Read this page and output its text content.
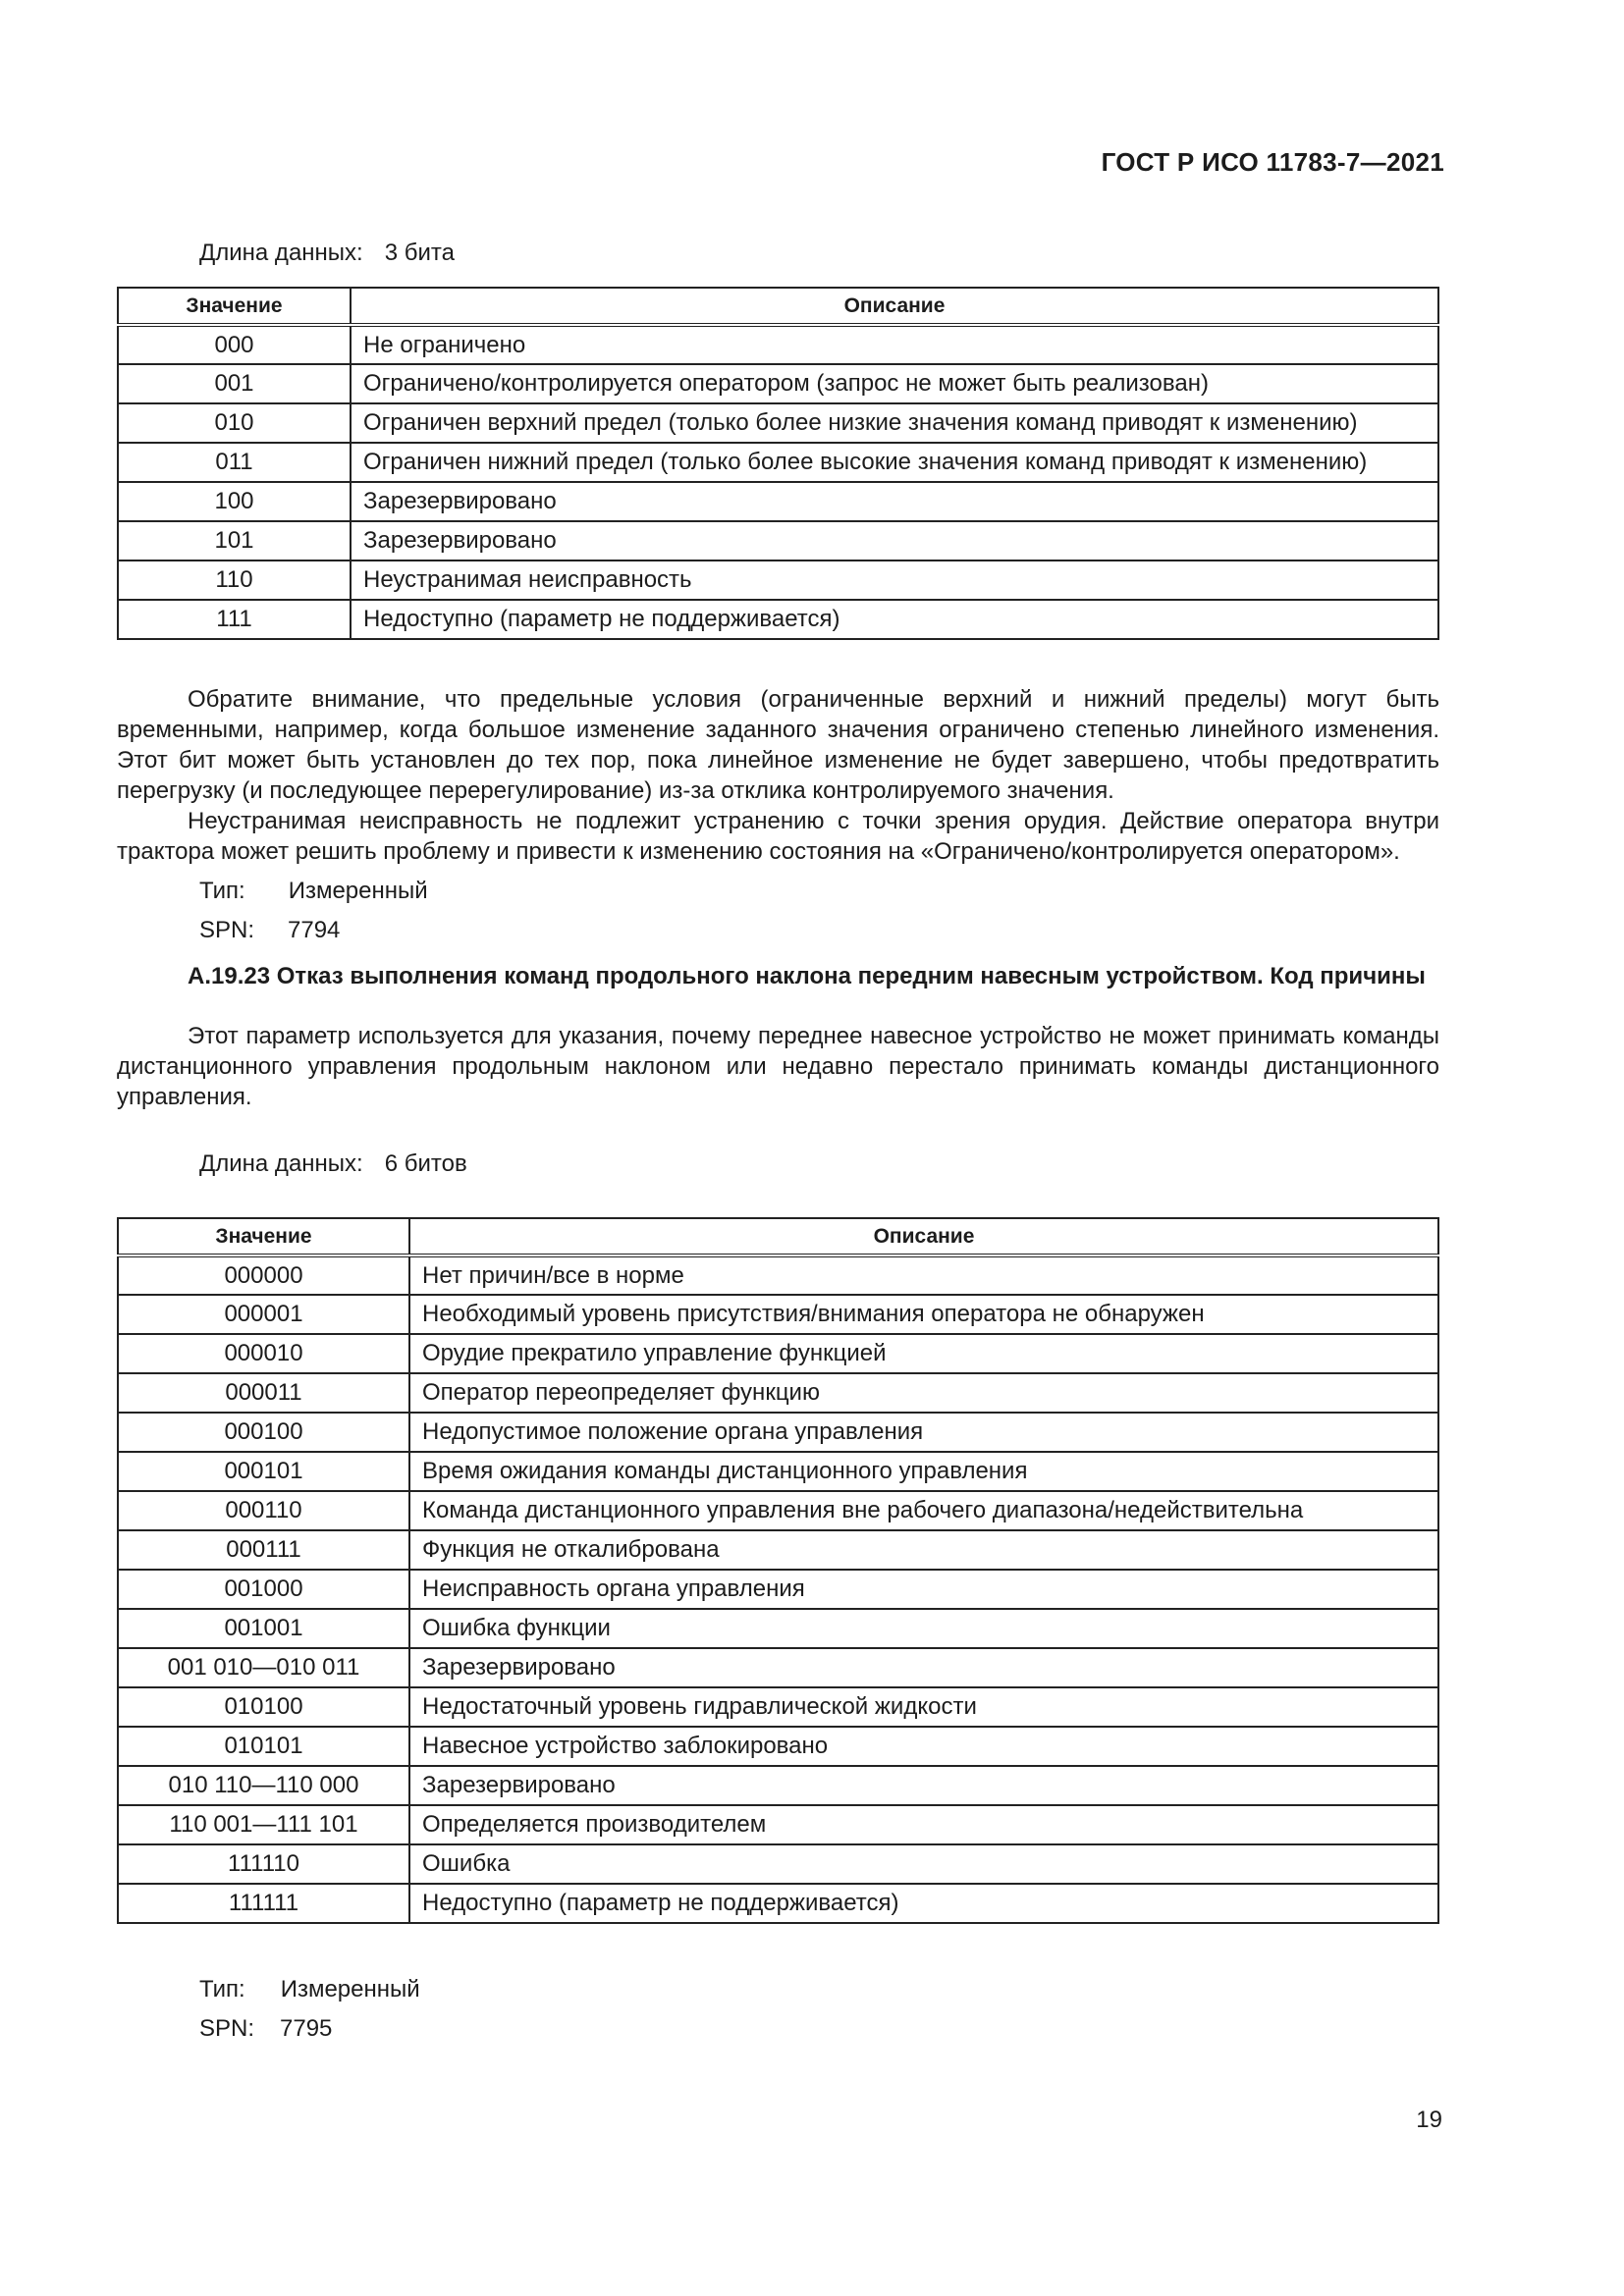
ГОСТ Р ИСО 11783-7—2021
Длина данных: 3 бита
Значение	Описание
000	Не ограничено
001	Ограничено/контролируется оператором (запрос не может быть реализован)
010	Ограничен верхний предел (только более низкие значения команд приводят к изменению)
011	Ограничен нижний предел (только более высокие значения команд приводят к изменению)
100	Зарезервировано
101	Зарезервировано
110	Неустранимая неисправность
111	Недоступно (параметр не поддерживается)

Обратите внимание, что предельные условия (ограниченные верхний и нижний пределы) могут быть временными, например, когда большое изменение заданного значения ограничено степенью линейного изменения. Этот бит может быть установлен до тех пор, пока линейное изменение не будет завершено, чтобы предотвратить перегрузку (и последующее перерегулирование) из-за отклика контролируемого значения.

Неустранимая неисправность не подлежит устранению с точки зрения орудия. Действие оператора внутри трактора может решить проблему и привести к изменению состояния на «Ограничено/контролируется оператором».

Тип: Измеренный
SPN: 7794
А.19.23 Отказ выполнения команд продольного наклона передним навесным устройством. Код причины

Этот параметр используется для указания, почему переднее навесное устройство не может принимать команды дистанционного управления продольным наклоном или недавно перестало принимать команды дистанционного управления.

Длина данных: 6 битов
Значение	Описание
000000	Нет причин/все в норме
000001	Необходимый уровень присутствия/внимания оператора не обнаружен
000010	Орудие прекратило управление функцией
000011	Оператор переопределяет функцию
000100	Недопустимое положение органа управления
000101	Время ожидания команды дистанционного управления
000110	Команда дистанционного управления вне рабочего диапазона/недействительна
000111	Функция не откалибрована
001000	Неисправность органа управления
001001	Ошибка функции
001 010—010 011	Зарезервировано
010100	Недостаточный уровень гидравлической жидкости
010101	Навесное устройство заблокировано
010 110—110 000	Зарезервировано
110 001—111 101	Определяется производителем
111110	Ошибка
111111	Недоступно (параметр не поддерживается)
Тип: Измеренный
SPN: 7795
19
